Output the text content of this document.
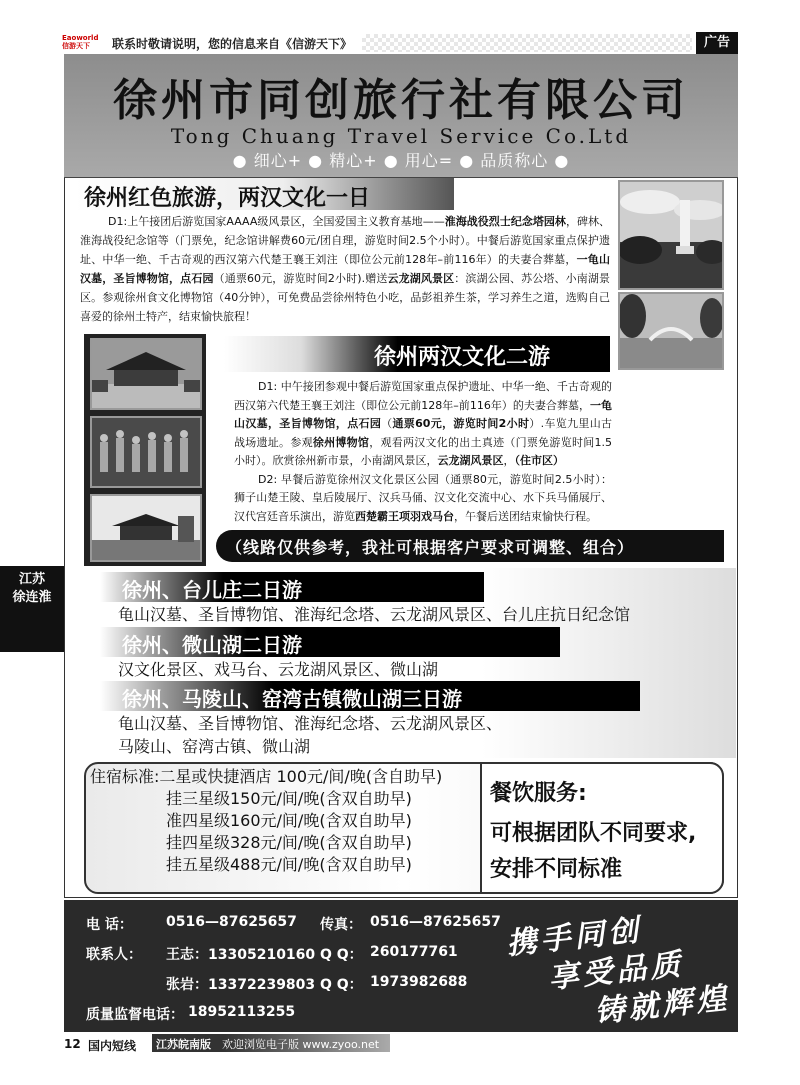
Eaoworld 信游天下	联系时敬请说明，您的信息来自《信游天下》	广告
徐州市同创旅行社有限公司
Tong Chuang Travel Service Co.Ltd
● 细心+ ● 精心+ ● 用心= ● 品质称心 ●
徐州红色旅游，两汉文化一日
D1:上午接团后游览国家AAAA级风景区，全国爱国主义教育基地——淮海战役烈士纪念塔园林，碑林、淮海战役纪念馆等（门票免，纪念馆讲解费60元/团自理，游览时间2.5个小时）。中餐后游览国家重点保护遗址、中华一绝、千古奇观的西汉第六代楚王襄王刘注（即位公元前128年–前116年）的夫妻合葬墓，一龟山汉墓，圣旨博物馆，点石园（通票60元，游览时间2小时).赠送云龙湖风景区：滨湖公园、苏公塔、小南湖景区。参观徐州食文化博物馆（40分钟），可免费品尝徐州特色小吃，品彭祖养生茶，学习养生之道，选购自己喜爱的徐州土特产，结束愉快旅程！
徐州两汉文化二游

D1: 中午接团参观中餐后游览国家重点保护遗址、中华一绝、千古奇观的西汉第六代楚王襄王刘注（即位公元前128年–前116年）的夫妻合葬墓，一龟山汉墓，圣旨博物馆，点石园（通票60元，游览时间2小时）.车览九里山古战场遗址。参观徐州博物馆，观看两汉文化的出土真迹（门票免游览时间1.5小时）。欣赏徐州新市景，小南湖风景区，云龙湖风景区，（住市区）

D2: 早餐后游览徐州汉文化景区公园（通票80元，游览时间2.5小时）：狮子山楚王陵、皇后陵展厅、汉兵马俑、汉文化交流中心、水下兵马俑展厅、汉代宫廷音乐演出，游览西楚霸王项羽戏马台，午餐后送团结束愉快行程。

（线路仅供参考，我社可根据客户要求可调整、组合）
徐州、台儿庄二日游
龟山汉墓、圣旨博物馆、淮海纪念塔、云龙湖风景区、台儿庄抗日纪念馆
徐州、微山湖二日游
汉文化景区、戏马台、云龙湖风景区、微山湖
徐州、马陵山、窑湾古镇微山湖三日游
龟山汉墓、圣旨博物馆、淮海纪念塔、云龙湖风景区、
马陵山、窑湾古镇、微山湖
住宿标准:二星或快捷酒店 100元/间/晚(含自助早)
挂三星级150元/间/晚(含双自助早)
准四星级160元/间/晚(含双自助早)
挂四星级328元/间/晚(含双自助早)
挂五星级488元/间/晚(含双自助早)
餐饮服务:
可根据团队不同要求,
安排不同标准
电 话： 0516—87625657 传真： 0516—87625657
联系人： 王志：13305210160 Q Q： 260177761
张岩：13372239803 Q Q： 1973982688
质量监督电话： 18952113255
携手同创
享受品质
铸就辉煌
江苏
徐连淮
12 国内短线 江苏皖南版 欢迎浏览电子版 www.zyoo.net
